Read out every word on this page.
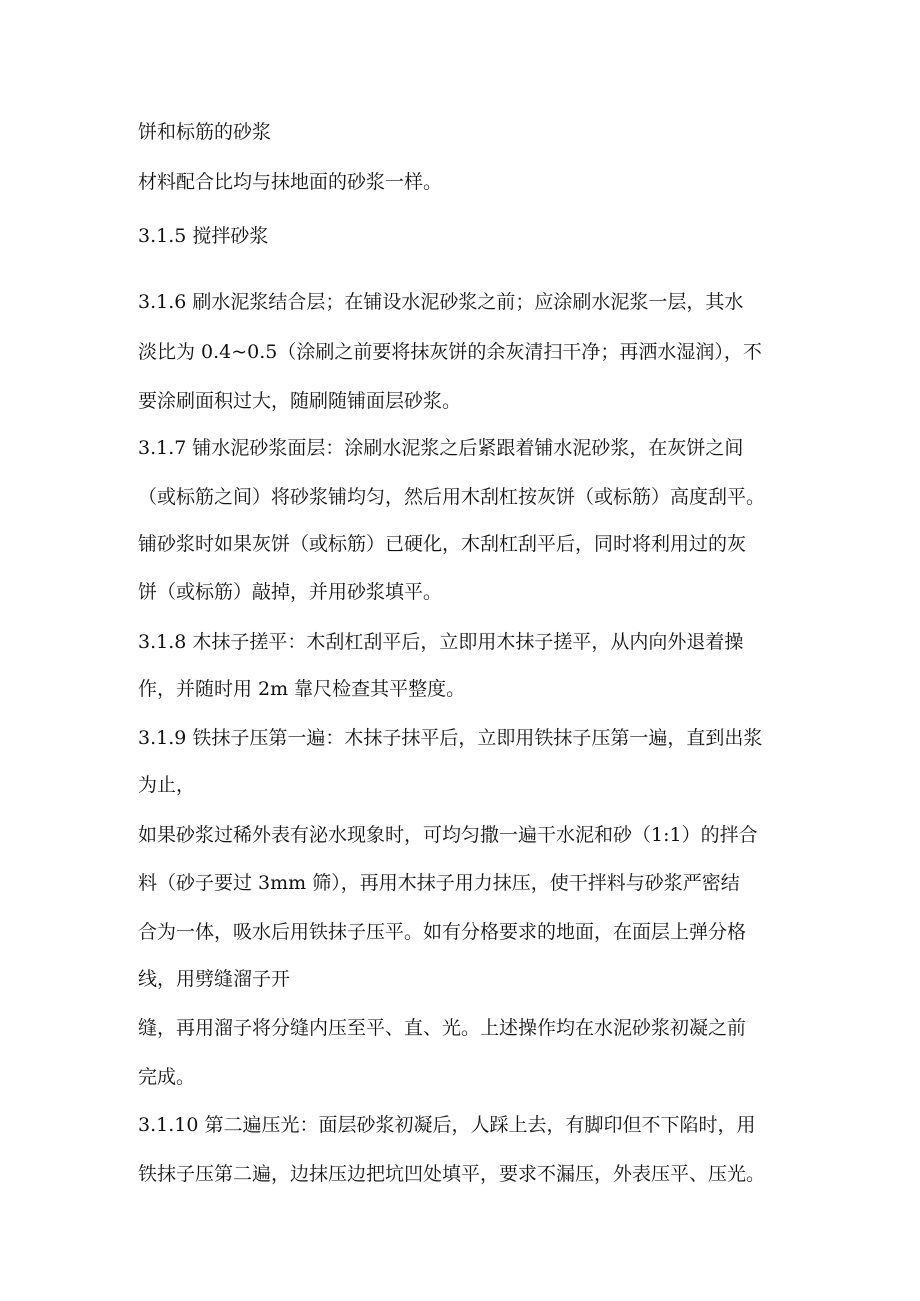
饼和标筋的砂浆
材料配合比均与抹地面的砂浆一样。
3.1.5 搅拌砂浆
3.1.6 刷水泥浆结合层；在铺设水泥砂浆之前；应涂刷水泥浆一层，其水
淡比为 0.4~0.5（涂刷之前要将抹灰饼的余灰清扫干净；再洒水湿润），不
要涂刷面积过大，随刷随铺面层砂浆。
3.1.7 铺水泥砂浆面层：涂刷水泥浆之后紧跟着铺水泥砂浆，在灰饼之间
（或标筋之间）将砂浆铺均匀，然后用木刮杠按灰饼（或标筋）高度刮平。
铺砂浆时如果灰饼（或标筋）已硬化，木刮杠刮平后，同时将利用过的灰
饼（或标筋）敲掉，并用砂浆填平。
3.1.8 木抹子搓平：木刮杠刮平后，立即用木抹子搓平，从内向外退着操
作，并随时用 2m 靠尺检查其平整度。
3.1.9 铁抹子压第一遍：木抹子抹平后，立即用铁抹子压第一遍，直到出浆
为止，
如果砂浆过稀外表有泌水现象时，可均匀撒一遍干水泥和砂（1:1）的拌合
料（砂子要过 3mm 筛），再用木抹子用力抹压，使干拌料与砂浆严密结
合为一体，吸水后用铁抹子压平。如有分格要求的地面，在面层上弹分格
线，用劈缝溜子开
缝，再用溜子将分缝内压至平、直、光。上述操作均在水泥砂浆初凝之前
完成。
3.1.10 第二遍压光：面层砂浆初凝后，人踩上去，有脚印但不下陷时，用
铁抹子压第二遍，边抹压边把坑凹处填平，要求不漏压，外表压平、压光。
